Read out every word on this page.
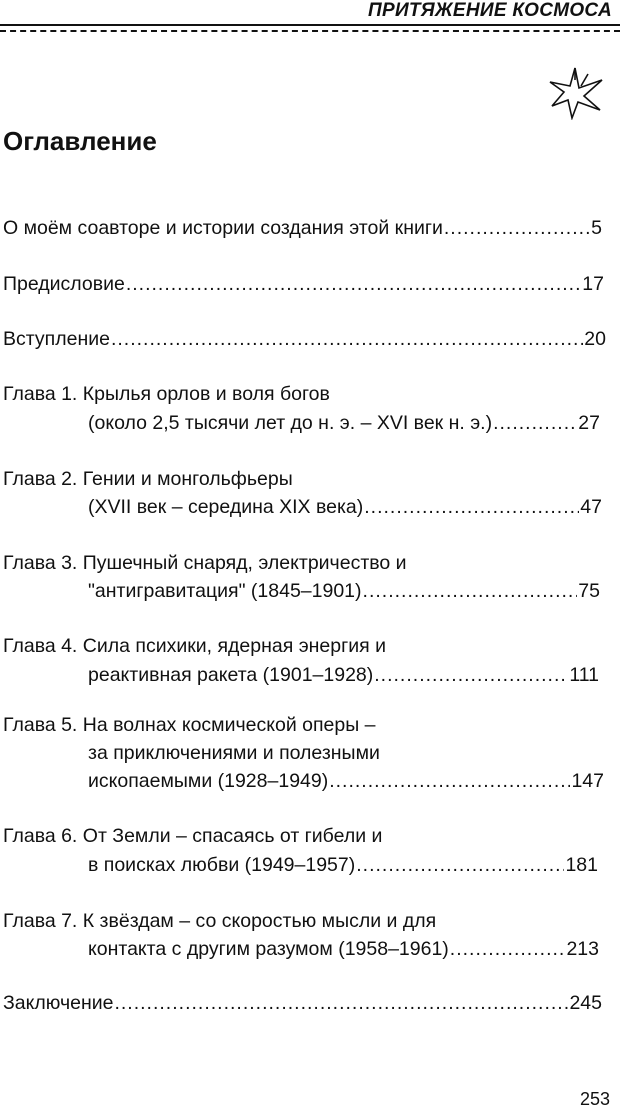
ПРИТЯЖЕНИЕ КОСМОСА
Оглавление
О моём соавторе и истории создания этой книги .....	5
Предисловие .....	17
Вступление .....	20
Глава 1. Крылья орлов и воля богов
(около 2,5 тысячи лет до н. э. – XVI век н. э.) .....	27
Глава 2. Гении и монгольфьеры
(XVII век – середина XIX века) .....	47
Глава 3. Пушечный снаряд, электричество и
"антигравитация" (1845–1901) .....	75
Глава 4. Сила психики, ядерная энергия и
реактивная ракета (1901–1928) .....	111
Глава 5. На волнах космической оперы –
за приключениями и полезными
ископаемыми (1928–1949) .....	147
Глава 6. От Земли – спасаясь от гибели и
в поисках любви (1949–1957) .....	181
Глава 7. К звёздам – со скоростью мысли и для
контакта с другим разумом (1958–1961) .....	213
Заключение .....	245
253
